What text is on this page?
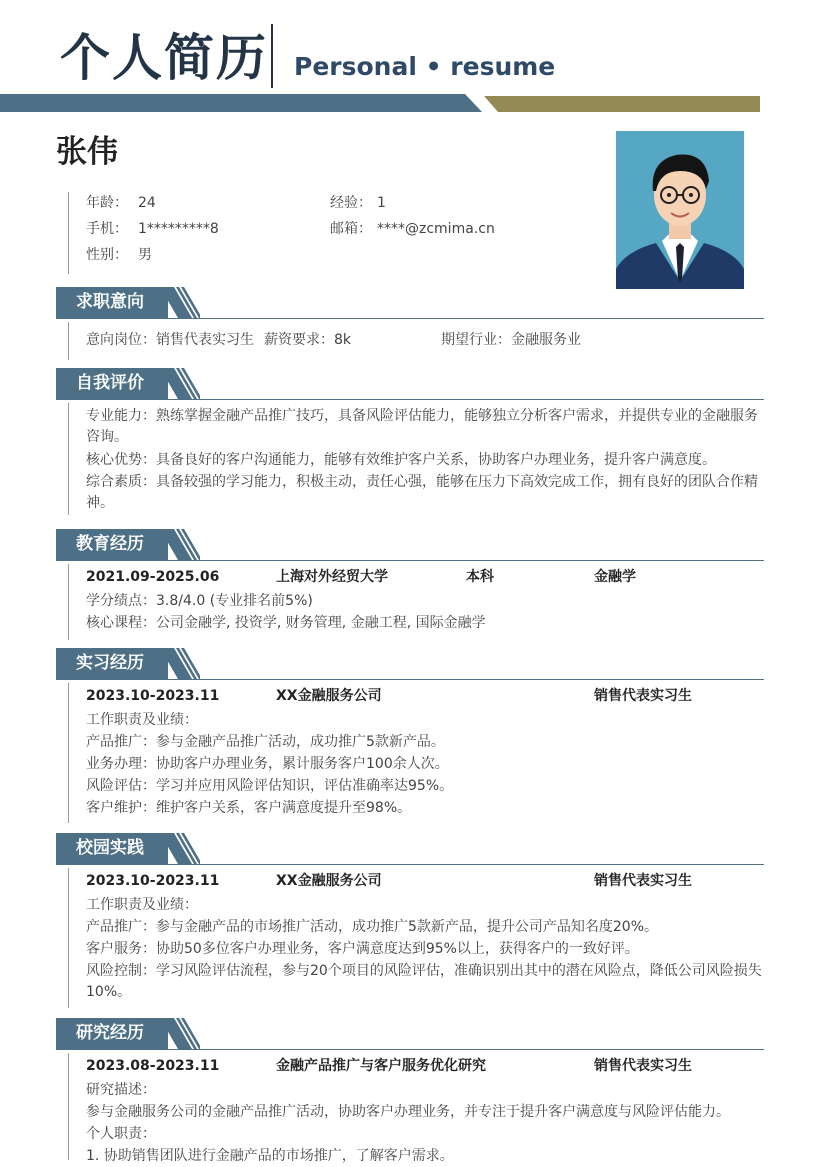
个人简历 Personal • resume
张伟
年龄： 24	经验： 1
手机： 1*********8	邮箱： ****@zcmima.cn
性别： 男
求职意向
意向岗位：销售代表实习生 薪资要求：8k	期望行业：金融服务业
自我评价
专业能力：熟练掌握金融产品推广技巧，具备风险评估能力，能够独立分析客户需求，并提供专业的金融服务咨询。
核心优势：具备良好的客户沟通能力，能够有效维护客户关系，协助客户办理业务，提升客户满意度。
综合素质：具备较强的学习能力，积极主动，责任心强，能够在压力下高效完成工作，拥有良好的团队合作精神。
教育经历
2021.09-2025.06	上海对外经贸大学	本科	金融学
学分绩点：3.8/4.0 (专业排名前5%)
核心课程：公司金融学, 投资学, 财务管理, 金融工程, 国际金融学
实习经历
2023.10-2023.11	XX金融服务公司	销售代表实习生
工作职责及业绩：
产品推广：参与金融产品推广活动，成功推广5款新产品。
业务办理：协助客户办理业务，累计服务客户100余人次。
风险评估：学习并应用风险评估知识，评估准确率达95%。
客户维护：维护客户关系，客户满意度提升至98%。
校园实践
2023.10-2023.11	XX金融服务公司	销售代表实习生
工作职责及业绩：
产品推广：参与金融产品的市场推广活动，成功推广5款新产品，提升公司产品知名度20%。
客户服务：协助50多位客户办理业务，客户满意度达到95%以上，获得客户的一致好评。
风险控制：学习风险评估流程，参与20个项目的风险评估，准确识别出其中的潜在风险点，降低公司风险损失10%。
研究经历
2023.08-2023.11	金融产品推广与客户服务优化研究	销售代表实习生
研究描述：
参与金融服务公司的金融产品推广活动，协助客户办理业务，并专注于提升客户满意度与风险评估能力。
个人职责：
1. 协助销售团队进行金融产品的市场推广，了解客户需求。
